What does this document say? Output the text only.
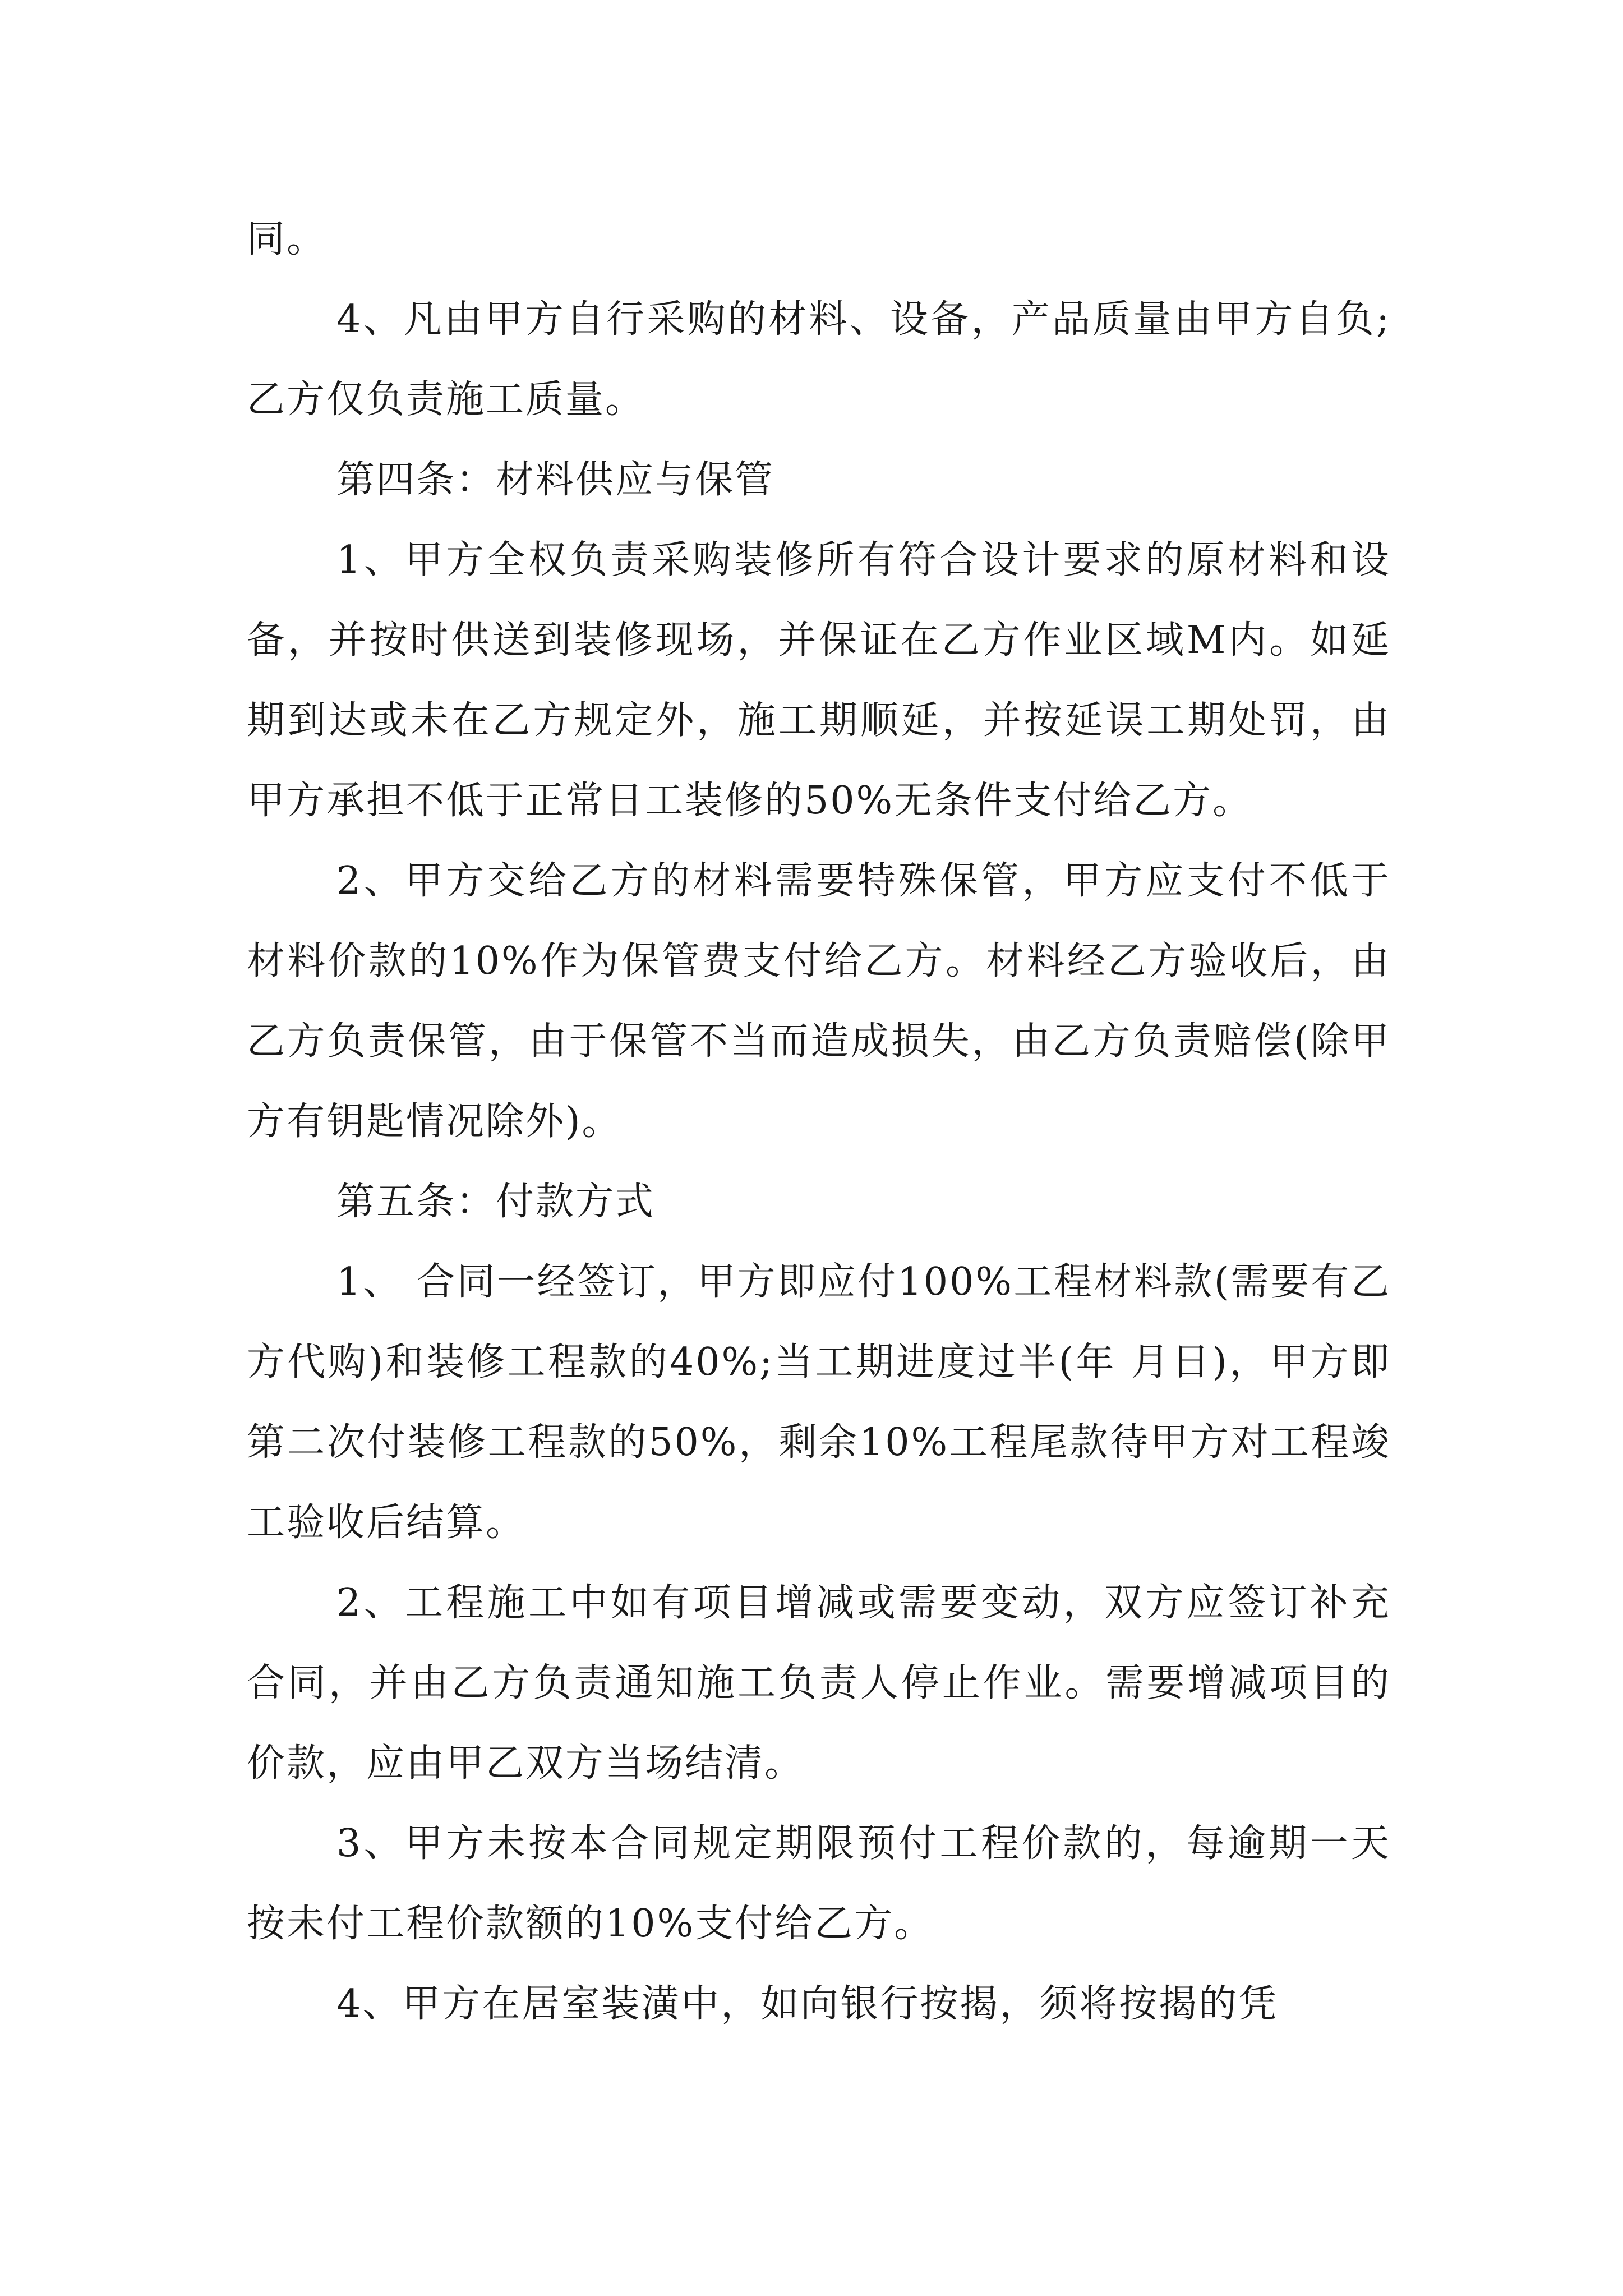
同。

4、凡由甲方自行采购的材料、设备，产品质量由甲方自负;乙方仅负责施工质量。

第四条：材料供应与保管

1、甲方全权负责采购装修所有符合设计要求的原材料和设备，并按时供送到装修现场，并保证在乙方作业区域M内。如延期到达或未在乙方规定外，施工期顺延，并按延误工期处罚，由甲方承担不低于正常日工装修的50%无条件支付给乙方。

2、甲方交给乙方的材料需要特殊保管，甲方应支付不低于材料价款的10%作为保管费支付给乙方。材料经乙方验收后，由乙方负责保管，由于保管不当而造成损失，由乙方负责赔偿(除甲方有钥匙情况除外)。

第五条：付款方式

1、 合同一经签订，甲方即应付100%工程材料款(需要有乙方代购)和装修工程款的40%;当工期进度过半(年 月日)，甲方即第二次付装修工程款的50%，剩余10%工程尾款待甲方对工程竣工验收后结算。

2、工程施工中如有项目增减或需要变动，双方应签订补充合同，并由乙方负责通知施工负责人停止作业。需要增减项目的价款，应由甲乙双方当场结清。

3、甲方未按本合同规定期限预付工程价款的，每逾期一天按未付工程价款额的10%支付给乙方。

4、甲方在居室装潢中，如向银行按揭，须将按揭的凭
